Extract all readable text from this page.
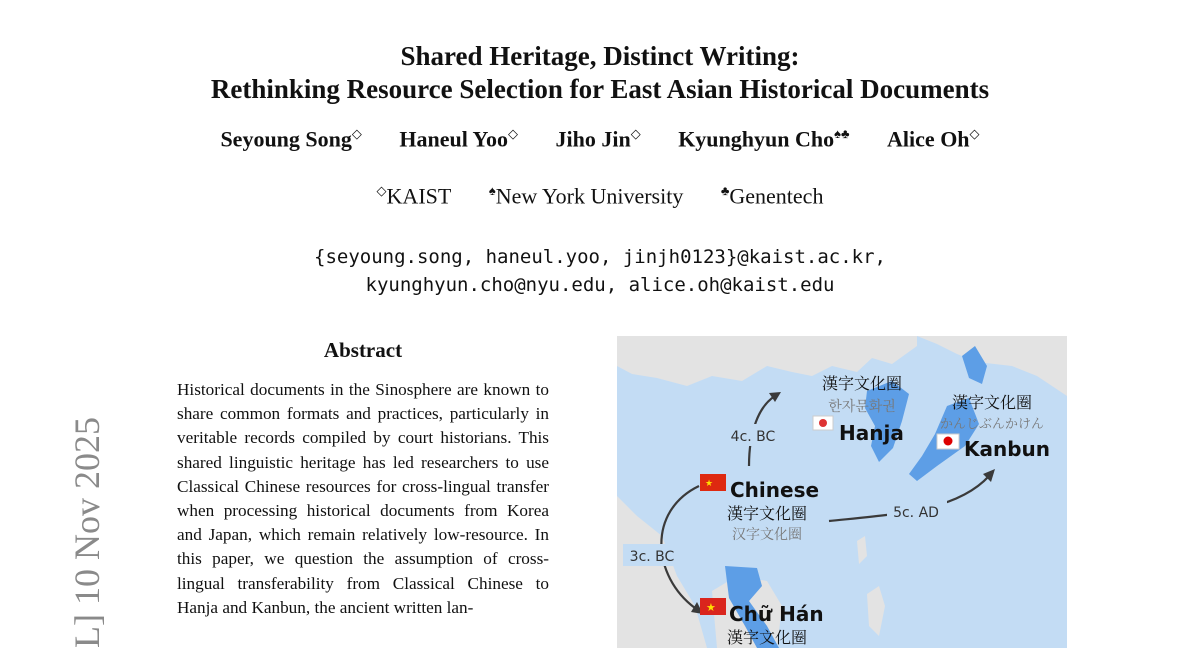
Shared Heritage, Distinct Writing:
Rethinking Resource Selection for East Asian Historical Documents
Seyoung Song◇ Haneul Yoo◇ Jiho Jin◇ Kyunghyun Cho♠♣ Alice Oh◇
◇KAIST	♠New York University	♣Genentech
{seyoung.song, haneul.yoo, jinjh0123}@kaist.ac.kr,
kyunghyun.cho@nyu.edu, alice.oh@kaist.edu
Abstract
Historical documents in the Sinosphere are known to share common formats and practices, particularly in veritable records compiled by court historians. This shared linguistic heritage has led researchers to use Classical Chinese resources for cross-lingual transfer when processing historical documents from Korea and Japan, which remain relatively low-resource. In this paper, we question the assumption of cross-lingual transferability from Classical Chinese to Hanja and Kanbun, the ancient written lan-
L] 10 Nov 2025	4c. BC
5c. AD
3c. BC
漢字文化圈
한자문화권
Hanja
漢字文化圈
かんじぶんかけん
Kanbun
★ Chinese
漢字文化圈
汉字文化圈
★ Chữ Hán
漢字文化圈
